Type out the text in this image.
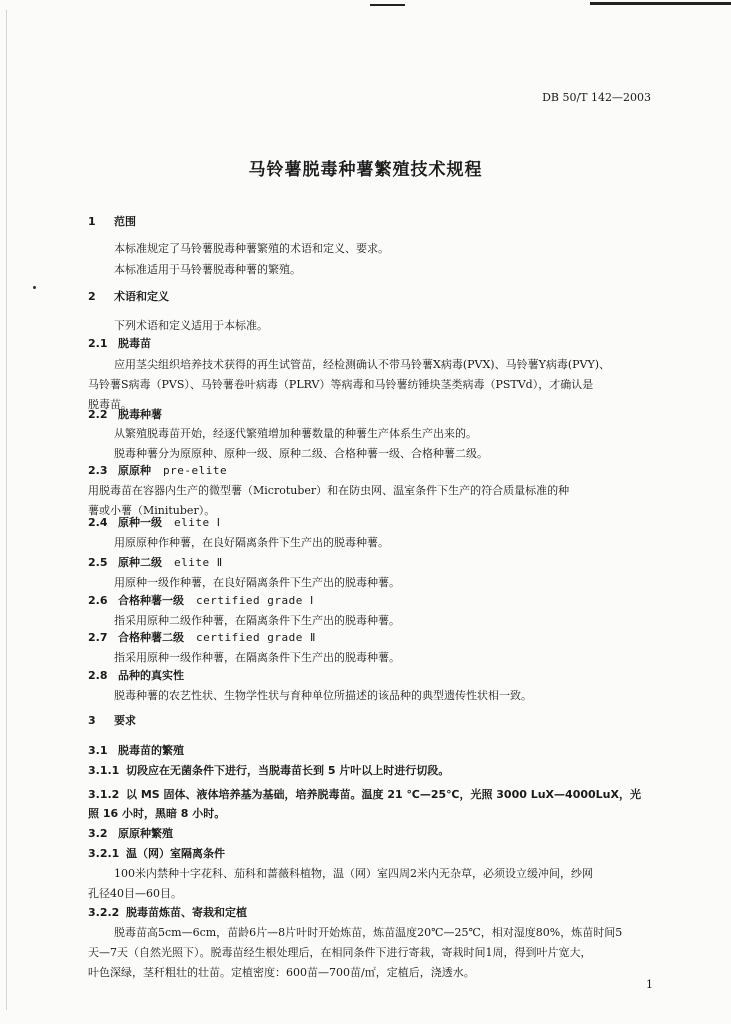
DB 50/T 142—2003
马铃薯脱毒种薯繁殖技术规程
1 范围
本标准规定了马铃薯脱毒种薯繁殖的术语和定义、要求。
本标准适用于马铃薯脱毒种薯的繁殖。
2 术语和定义
下列术语和定义适用于本标准。
2.1 脱毒苗
应用茎尖组织培养技术获得的再生试管苗，经检测确认不带马铃薯X病毒(PVX)、马铃薯Y病毒(PVY)、
马铃薯S病毒（PVS）、马铃薯卷叶病毒（PLRV）等病毒和马铃薯纺锤块茎类病毒（PSTVd），才确认是
脱毒苗。
2.2 脱毒种薯
从繁殖脱毒苗开始，经逐代繁殖增加种薯数量的种薯生产体系生产出来的。
脱毒种薯分为原原种、原种一级、原种二级、合格种薯一级、合格种薯二级。
2.3 原原种 pre-elite
用脱毒苗在容器内生产的微型薯（Microtuber）和在防虫网、温室条件下生产的符合质量标准的种
薯或小薯（Minituber）。
2.4 原种一级 elite Ⅰ
用原原种作种薯，在良好隔离条件下生产出的脱毒种薯。
2.5 原种二级 elite Ⅱ
用原种一级作种薯，在良好隔离条件下生产出的脱毒种薯。
2.6 合格种薯一级 certified grade Ⅰ
指采用原种二级作种薯，在隔离条件下生产出的脱毒种薯。
2.7 合格种薯二级 certified grade Ⅱ
指采用原种一级作种薯，在隔离条件下生产出的脱毒种薯。
2.8 品种的真实性
脱毒种薯的农艺性状、生物学性状与育种单位所描述的该品种的典型遗传性状相一致。
3 要求
3.1 脱毒苗的繁殖
3.1.1 切段应在无菌条件下进行，当脱毒苗长到 5 片叶以上时进行切段。
3.1.2 以 MS 固体、液体培养基为基础，培养脱毒苗。温度 21 ℃—25℃，光照 3000 LuX—4000LuX，光
照 16 小时，黑暗 8 小时。
3.2 原原种繁殖
3.2.1 温（网）室隔离条件
100米内禁种十字花科、茄科和蔷薇科植物，温（网）室四周2米内无杂草，必须设立缓冲间，纱网
孔径40目—60目。
3.2.2 脱毒苗炼苗、寄栽和定植
脱毒苗高5cm—6cm，苗龄6片—8片叶时开始炼苗，炼苗温度20℃—25℃，相对湿度80%，炼苗时间5
天—7天（自然光照下）。脱毒苗经生根处理后，在相同条件下进行寄栽，寄栽时间1周，得到叶片宽大，
叶色深绿，茎秆粗壮的壮苗。定植密度：600苗—700苗/㎡，定植后，浇透水。
1
